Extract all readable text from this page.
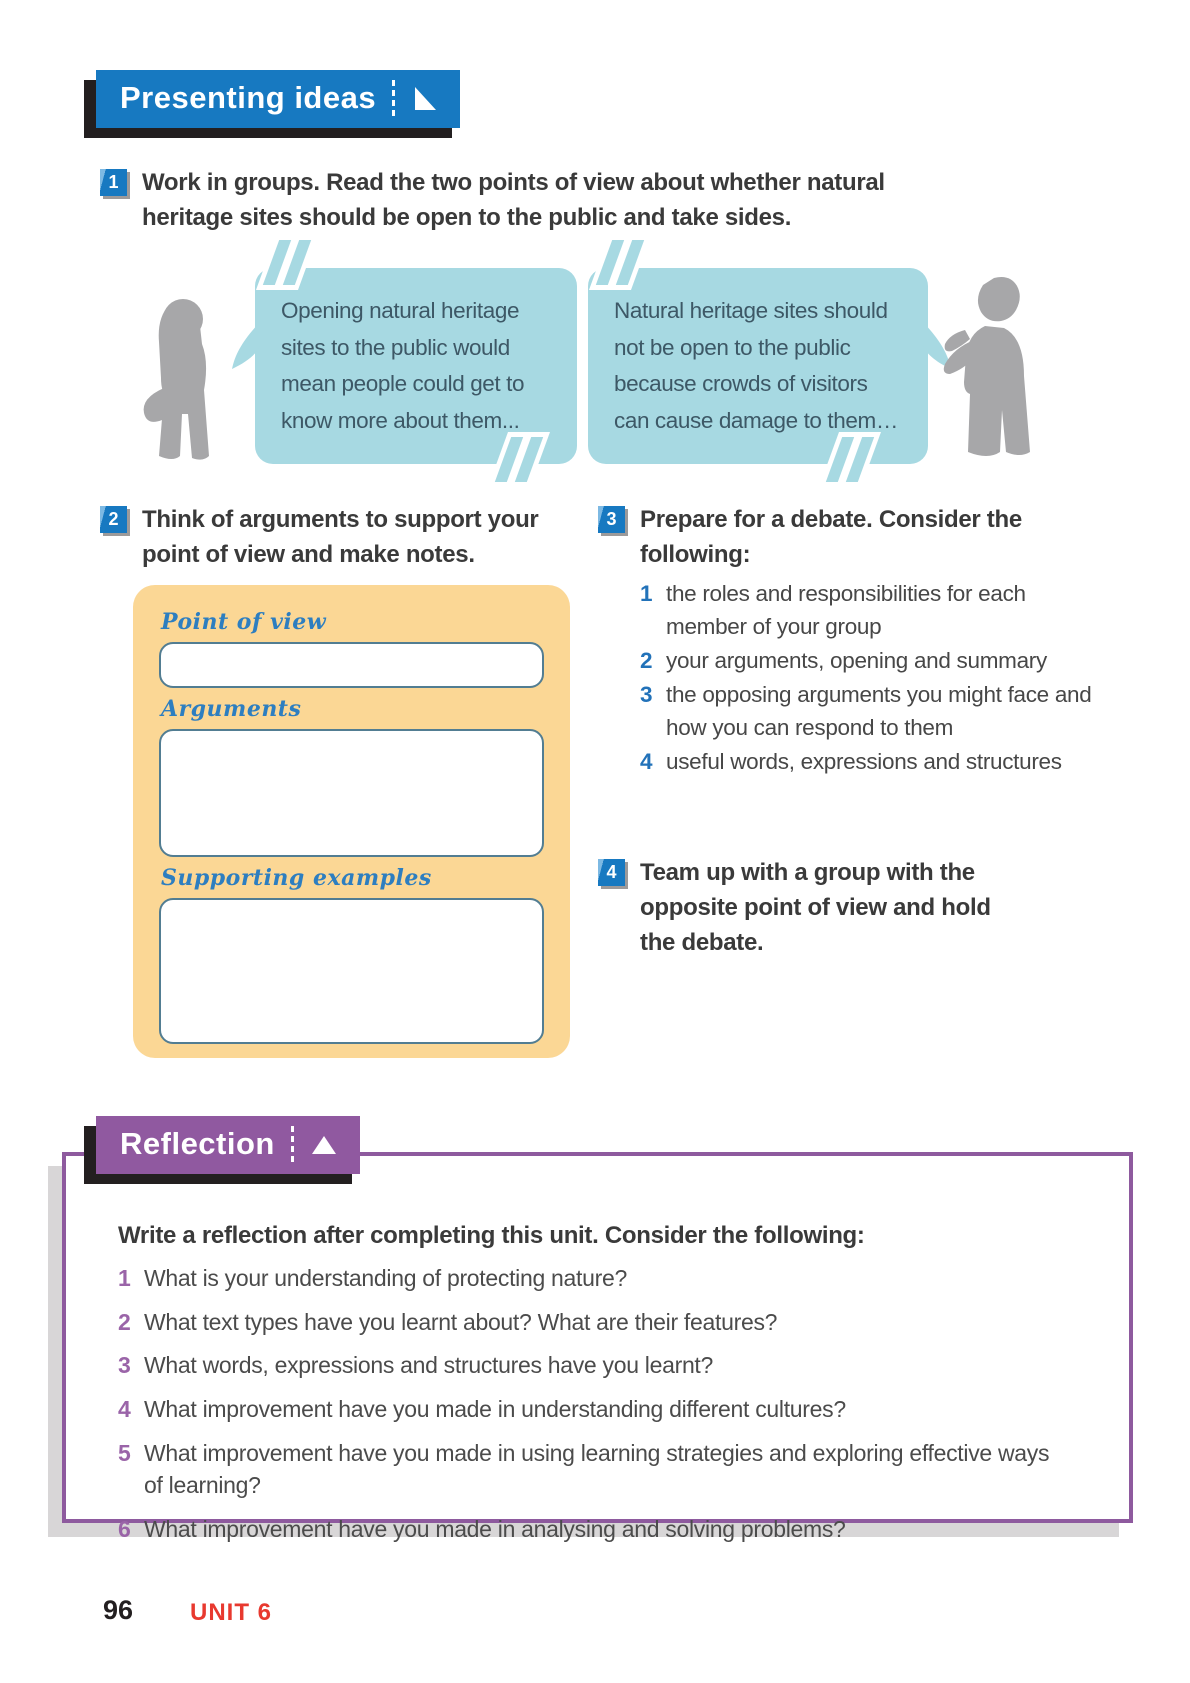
Presenting ideas
1 Work in groups. Read the two points of view about whether natural heritage sites should be open to the public and take sides.
Opening natural heritage
sites to the public would
mean people could get to
know more about them...
Natural heritage sites should
not be open to the public
because crowds of visitors
can cause damage to them…
2 Think of arguments to support your point of view and make notes.
Point of view
Arguments
Supporting examples
3 Prepare for a debate. Consider the following:
1 the roles and responsibilities for each member of your group
2 your arguments, opening and summary
3 the opposing arguments you might face and how you can respond to them
4 useful words, expressions and structures
4 Team up with a group with the opposite point of view and hold the debate.
Write a reflection after completing this unit. Consider the following:
1 What is your understanding of protecting nature?
2 What text types have you learnt about? What are their features?
3 What words, expressions and structures have you learnt?
4 What improvement have you made in understanding different cultures?
5 What improvement have you made in using learning strategies and exploring effective ways of learning?
6 What improvement have you made in analysing and solving problems?
Reflection
96 UNIT 6
